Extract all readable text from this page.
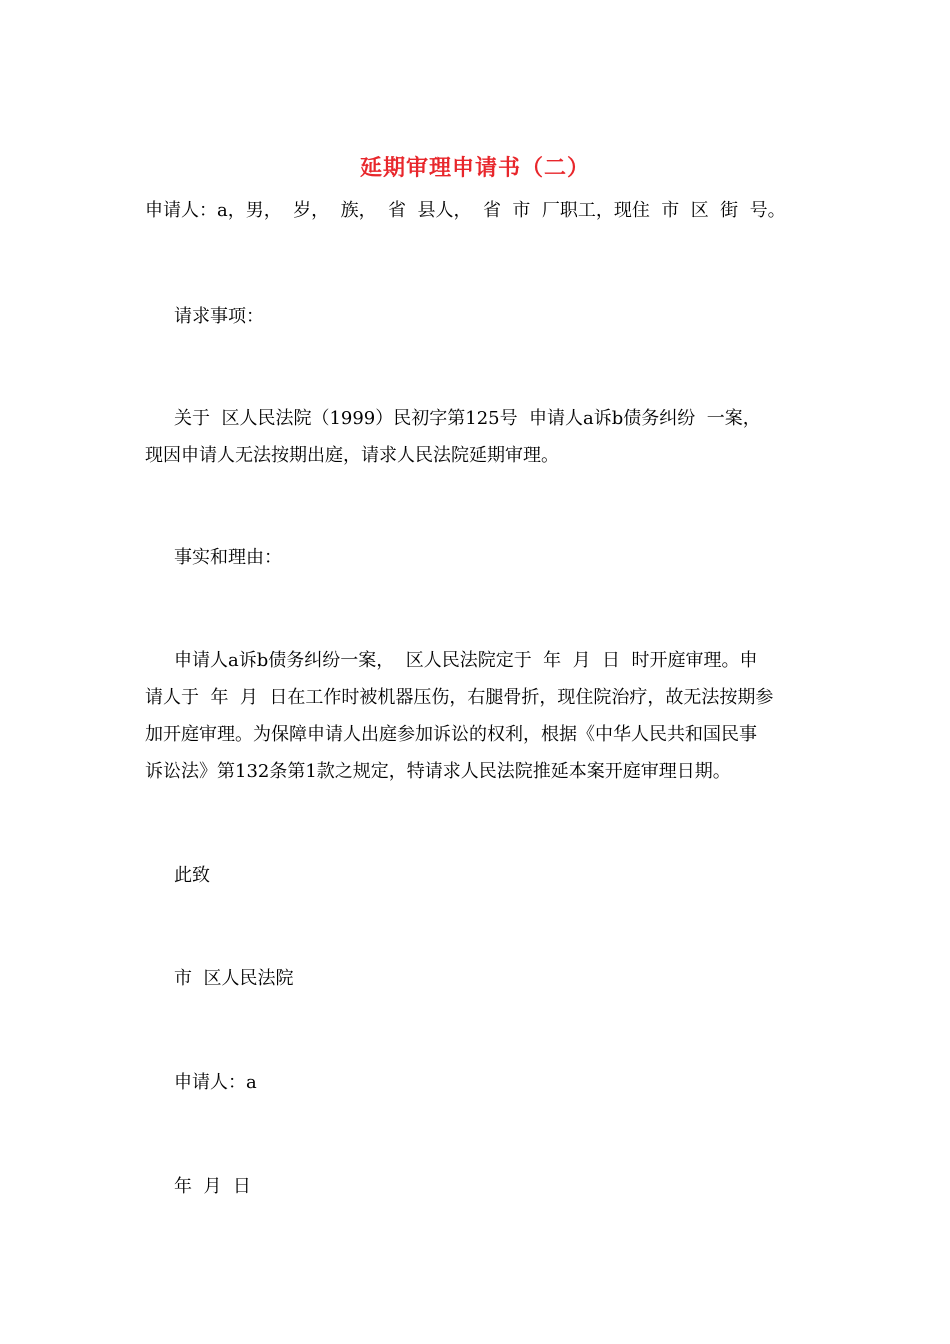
延期审理申请书（二）
申请人：a，男，  岁，  族，  省  县人，  省  市  厂职工，现住  市  区  街  号。
请求事项：
关于  区人民法院（1999）民初字第125号  申请人a诉b债务纠纷  一案，
现因申请人无法按期出庭，请求人民法院延期审理。
事实和理由：
申请人a诉b债务纠纷一案，  区人民法院定于  年  月  日  时开庭审理。申
请人于  年  月  日在工作时被机器压伤，右腿骨折，现住院治疗，故无法按期参
加开庭审理。为保障申请人出庭参加诉讼的权利，根据《中华人民共和国民事
诉讼法》第132条第1款之规定，特请求人民法院推延本案开庭审理日期。
此致
市  区人民法院
申请人：a
年  月  日
